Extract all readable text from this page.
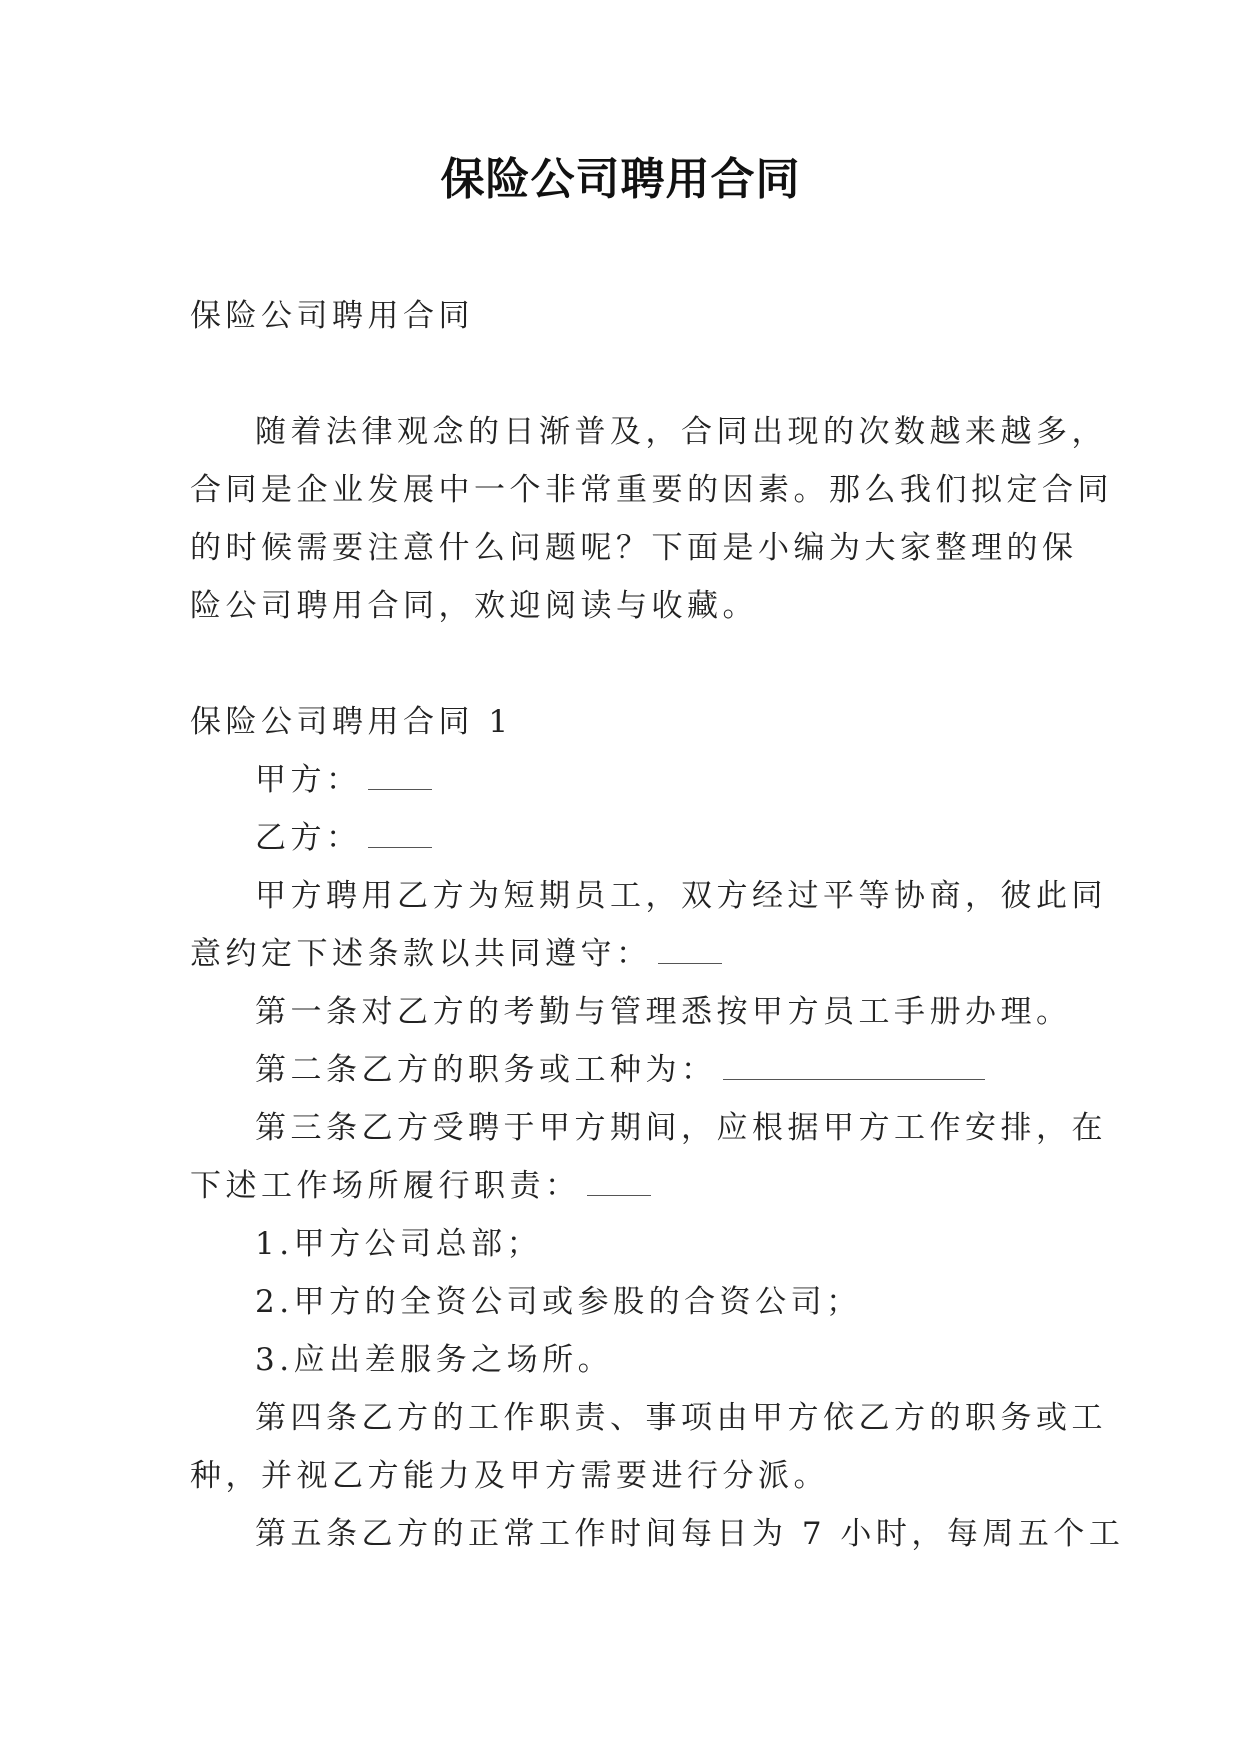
保险公司聘用合同
保险公司聘用合同
随着法律观念的日渐普及，合同出现的次数越来越多，
合同是企业发展中一个非常重要的因素。那么我们拟定合同
的时候需要注意什么问题呢？下面是小编为大家整理的保
险公司聘用合同，欢迎阅读与收藏。
保险公司聘用合同 1
甲方：
乙方：
甲方聘用乙方为短期员工，双方经过平等协商，彼此同
意约定下述条款以共同遵守：
第一条对乙方的考勤与管理悉按甲方员工手册办理。
第二条乙方的职务或工种为：
第三条乙方受聘于甲方期间，应根据甲方工作安排，在
下述工作场所履行职责：
1.甲方公司总部；
2.甲方的全资公司或参股的合资公司；
3.应出差服务之场所。
第四条乙方的工作职责、事项由甲方依乙方的职务或工
种，并视乙方能力及甲方需要进行分派。
第五条乙方的正常工作时间每日为 7 小时，每周五个工
